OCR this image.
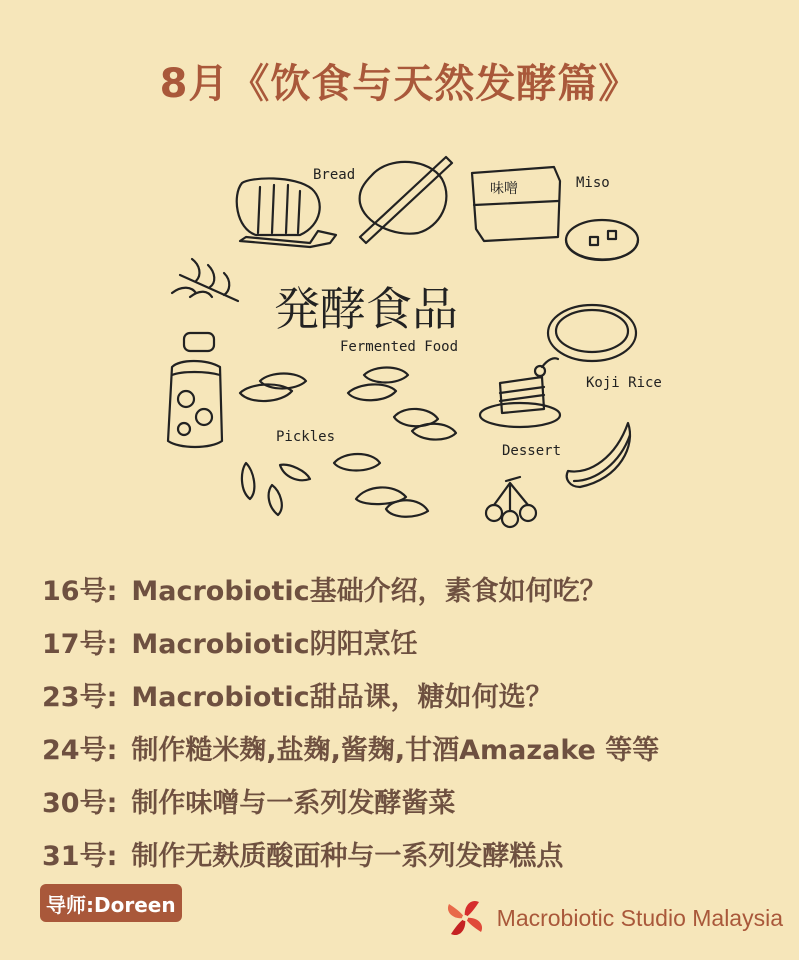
8月《饮食与天然发酵篇》
Bread
味噌	Miso
Koji Rice
発酵食品
Fermented Food
Pickles
Dessert
16号: Macrobiotic基础介绍，素食如何吃？
17号: Macrobiotic阴阳烹饪
23号: Macrobiotic甜品课，糖如何选？
24号: 制作糙米麹,盐麹,酱麹,甘酒Amazake 等等
30号: 制作味噌与一系列发酵酱菜
31号: 制作无麸质酸面种与一系列发酵糕点
导师:Doreen	Macrobiotic Studio Malaysia
